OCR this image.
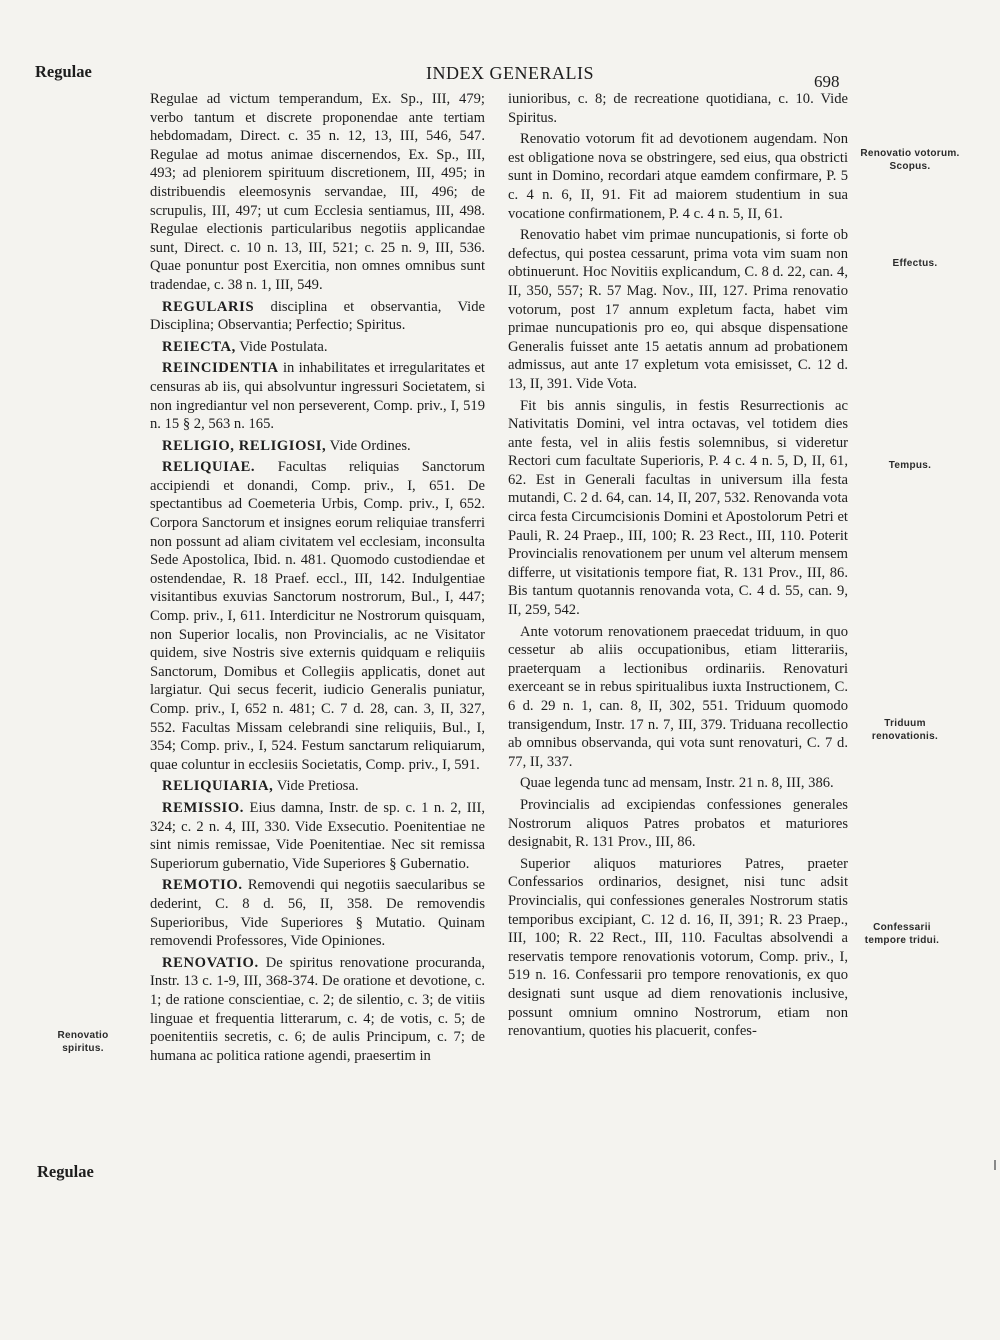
Regulae	INDEX GENERALIS	698

Regulae ad victum temperandum, Ex. Sp., III, 479; verbo tantum et discrete proponendae ante tertiam hebdomadam, Direct. c. 35 n. 12, 13, III, 546, 547. Regulae ad motus animae discernendos, Ex. Sp., III, 493; ad pleniorem spirituum discretionem, III, 495; in distribuendis eleemosynis servandae, III, 496; de scrupulis, III, 497; ut cum Ecclesia sentiamus, III, 498. Regulae electionis particularibus negotiis applicandae sunt, Direct. c. 10 n. 13, III, 521; c. 25 n. 9, III, 536. Quae ponuntur post Exercitia, non omnes omnibus sunt tradendae, c. 38 n. 1, III, 549.

REGULARIS disciplina et observantia, Vide Disciplina; Observantia; Perfectio; Spiritus.

REIECTA, Vide Postulata.

REINCIDENTIA in inhabilitates et irregularitates et censuras ab iis, qui absolvuntur ingressuri Societatem, si non ingrediantur vel non perseverent, Comp. priv., I, 519 n. 15 § 2, 563 n. 165.

RELIGIO, RELIGIOSI, Vide Ordines.

RELIQUIAE. Facultas reliquias Sanctorum accipiendi et donandi, Comp. priv., I, 651. De spectantibus ad Coemeteria Urbis, Comp. priv., I, 652. Corpora Sanctorum et insignes eorum reliquiae transferri non possunt ad aliam civitatem vel ecclesiam, inconsulta Sede Apostolica, Ibid. n. 481. Quomodo custodiendae et ostendendae, R. 18 Praef. eccl., III, 142. Indulgentiae visitantibus exuvias Sanctorum nostrorum, Bul., I, 447; Comp. priv., I, 611. Interdicitur ne Nostrorum quisquam, non Superior localis, non Provincialis, ac ne Visitator quidem, sive Nostris sive externis quidquam e reliquiis Sanctorum, Domibus et Collegiis applicatis, donet aut largiatur. Qui secus fecerit, iudicio Generalis puniatur, Comp. priv., I, 652 n. 481; C. 7 d. 28, can. 3, II, 327, 552. Facultas Missam celebrandi sine reliquiis, Bul., I, 354; Comp. priv., I, 524. Festum sanctarum reliquiarum, quae coluntur in ecclesiis Societatis, Comp. priv., I, 591.

RELIQUIARIA, Vide Pretiosa.

REMISSIO. Eius damna, Instr. de sp. c. 1 n. 2, III, 324; c. 2 n. 4, III, 330. Vide Exsecutio. Poenitentiae ne sint nimis remissae, Vide Poenitentiae. Nec sit remissa Superiorum gubernatio, Vide Superiores § Gubernatio.

REMOTIO. Removendi qui negotiis saecularibus se dederint, C. 8 d. 56, II, 358. De removendis Superioribus, Vide Superiores § Mutatio. Quinam removendi Professores, Vide Opiniones.

RENOVATIO. De spiritus renovatione procuranda, Instr. 13 c. 1-9, III, 368-374. De oratione et devotione, c. 1; de ratione conscientiae, c. 2; de silentio, c. 3; de vitiis linguae et frequentia litterarum, c. 4; de votis, c. 5; de poenitentiis secretis, c. 6; de aulis Principum, c. 7; de humana ac politica ratione agendi, praesertim in

iunioribus, c. 8; de recreatione quotidiana, c. 10. Vide Spiritus.

Renovatio votorum fit ad devotionem augendam. Non est obligatione nova se obstringere, sed eius, qua obstricti sunt in Domino, recordari atque eamdem confirmare, P. 5 c. 4 n. 6, II, 91. Fit ad maiorem studentium in sua vocatione confirmationem, P. 4 c. 4 n. 5, II, 61.

Renovatio habet vim primae nuncupationis, si forte ob defectus, qui postea cessarunt, prima vota vim suam non obtinuerunt. Hoc Novitiis explicandum, C. 8 d. 22, can. 4, II, 350, 557; R. 57 Mag. Nov., III, 127. Prima renovatio votorum, post 17 annum expletum facta, habet vim primae nuncupationis pro eo, qui absque dispensatione Generalis fuisset ante 15 aetatis annum ad probationem admissus, aut ante 17 expletum vota emisisset, C. 12 d. 13, II, 391. Vide Vota.

Fit bis annis singulis, in festis Resurrectionis ac Nativitatis Domini, vel intra octavas, vel totidem dies ante festa, vel in aliis festis solemnibus, si videretur Rectori cum facultate Superioris, P. 4 c. 4 n. 5, D, II, 61, 62. Est in Generali facultas in universum illa festa mutandi, C. 2 d. 64, can. 14, II, 207, 532. Renovanda vota circa festa Circumcisionis Domini et Apostolorum Petri et Pauli, R. 24 Praep., III, 100; R. 23 Rect., III, 110. Poterit Provincialis renovationem per unum vel alterum mensem differre, ut visitationis tempore fiat, R. 131 Prov., III, 86. Bis tantum quotannis renovanda vota, C. 4 d. 55, can. 9, II, 259, 542.

Ante votorum renovationem praecedat triduum, in quo cessetur ab aliis occupationibus, etiam litterariis, praeterquam a lectionibus ordinariis. Renovaturi exerceant se in rebus spiritualibus iuxta Instructionem, C. 6 d. 29 n. 1, can. 8, II, 302, 551. Triduum quomodo transigendum, Instr. 17 n. 7, III, 379. Triduana recollectio ab omnibus observanda, qui vota sunt renovaturi, C. 7 d. 77, II, 337.

Quae legenda tunc ad mensam, Instr. 21 n. 8, III, 386.

Provincialis ad excipiendas confessiones generales Nostrorum aliquos Patres probatos et maturiores designabit, R. 131 Prov., III, 86.

Superior aliquos maturiores Patres, praeter Confessarios ordinarios, designet, nisi tunc adsit Provincialis, qui confessiones generales Nostrorum statis temporibus excipiant, C. 12 d. 16, II, 391; R. 23 Praep., III, 100; R. 22 Rect., III, 110. Facultas absolvendi a reservatis tempore renovationis votorum, Comp. priv., I, 519 n. 16. Confessarii pro tempore renovationis, ex quo designati sunt usque ad diem renovationis inclusive, possunt omnium omnino Nostrorum, etiam non renovantium, quoties his placuerit, confes-

Renovatio votorum. Scopus.
Effectus.
Tempus.
Triduum renovationis.
Confessarii tempore tridui.
Renovatio spiritus.
Regulae
